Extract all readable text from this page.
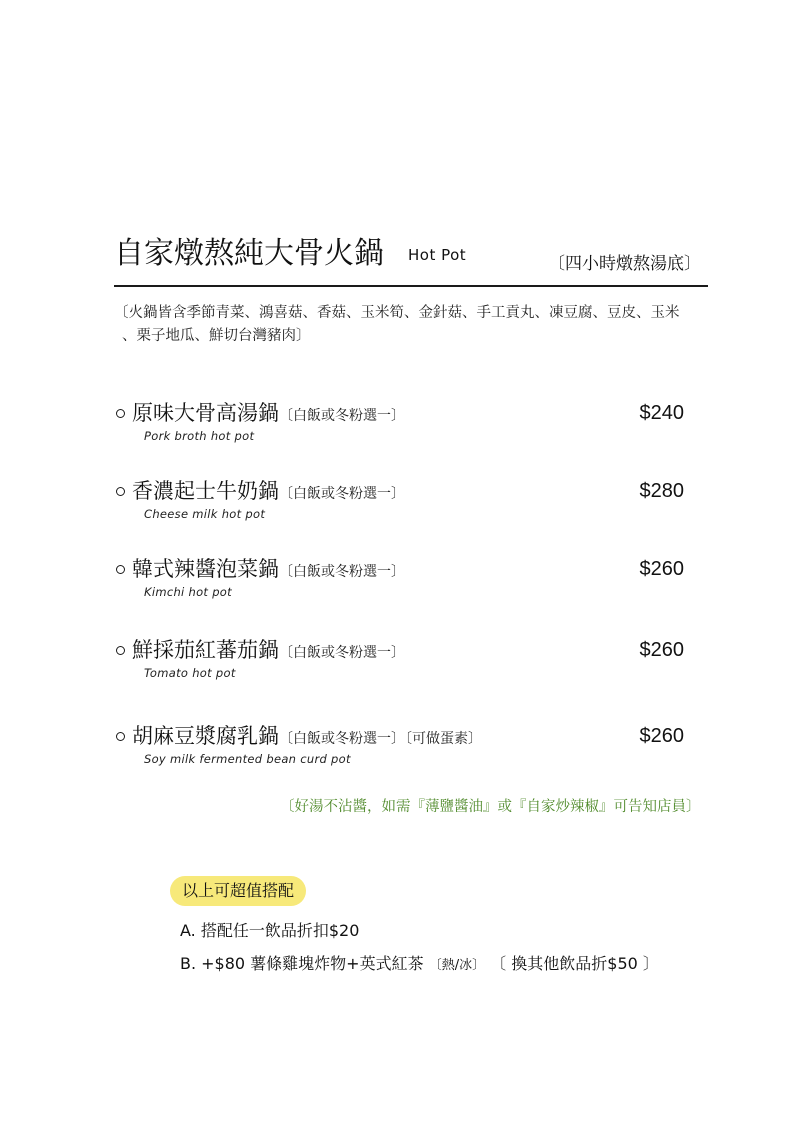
自家燉熬純大骨火鍋 Hot Pot	〔四小時燉熬湯底〕
〔火鍋皆含季節青菜、鴻喜菇、香菇、玉米筍、金針菇、手工貢丸、凍豆腐、豆皮、玉米
、栗子地瓜、鮮切台灣豬肉〕
原味大骨高湯鍋〔白飯或冬粉選一〕
Pork broth hot pot
$240
香濃起士牛奶鍋〔白飯或冬粉選一〕
Cheese milk hot pot
$280
韓式辣醬泡菜鍋〔白飯或冬粉選一〕
Kimchi hot pot
$260
鮮採茄紅蕃茄鍋〔白飯或冬粉選一〕
Tomato hot pot
$260
胡麻豆漿腐乳鍋〔白飯或冬粉選一〕〔可做蛋素〕
Soy milk fermented bean curd pot
$260
〔好湯不沾醬，如需『薄鹽醬油』或『自家炒辣椒』可告知店員〕
以上可超值搭配
A. 搭配任一飲品折扣$20
B. +$80 薯條雞塊炸物+英式紅茶 〔熱/冰〕 〔 換其他飲品折$50 〕
